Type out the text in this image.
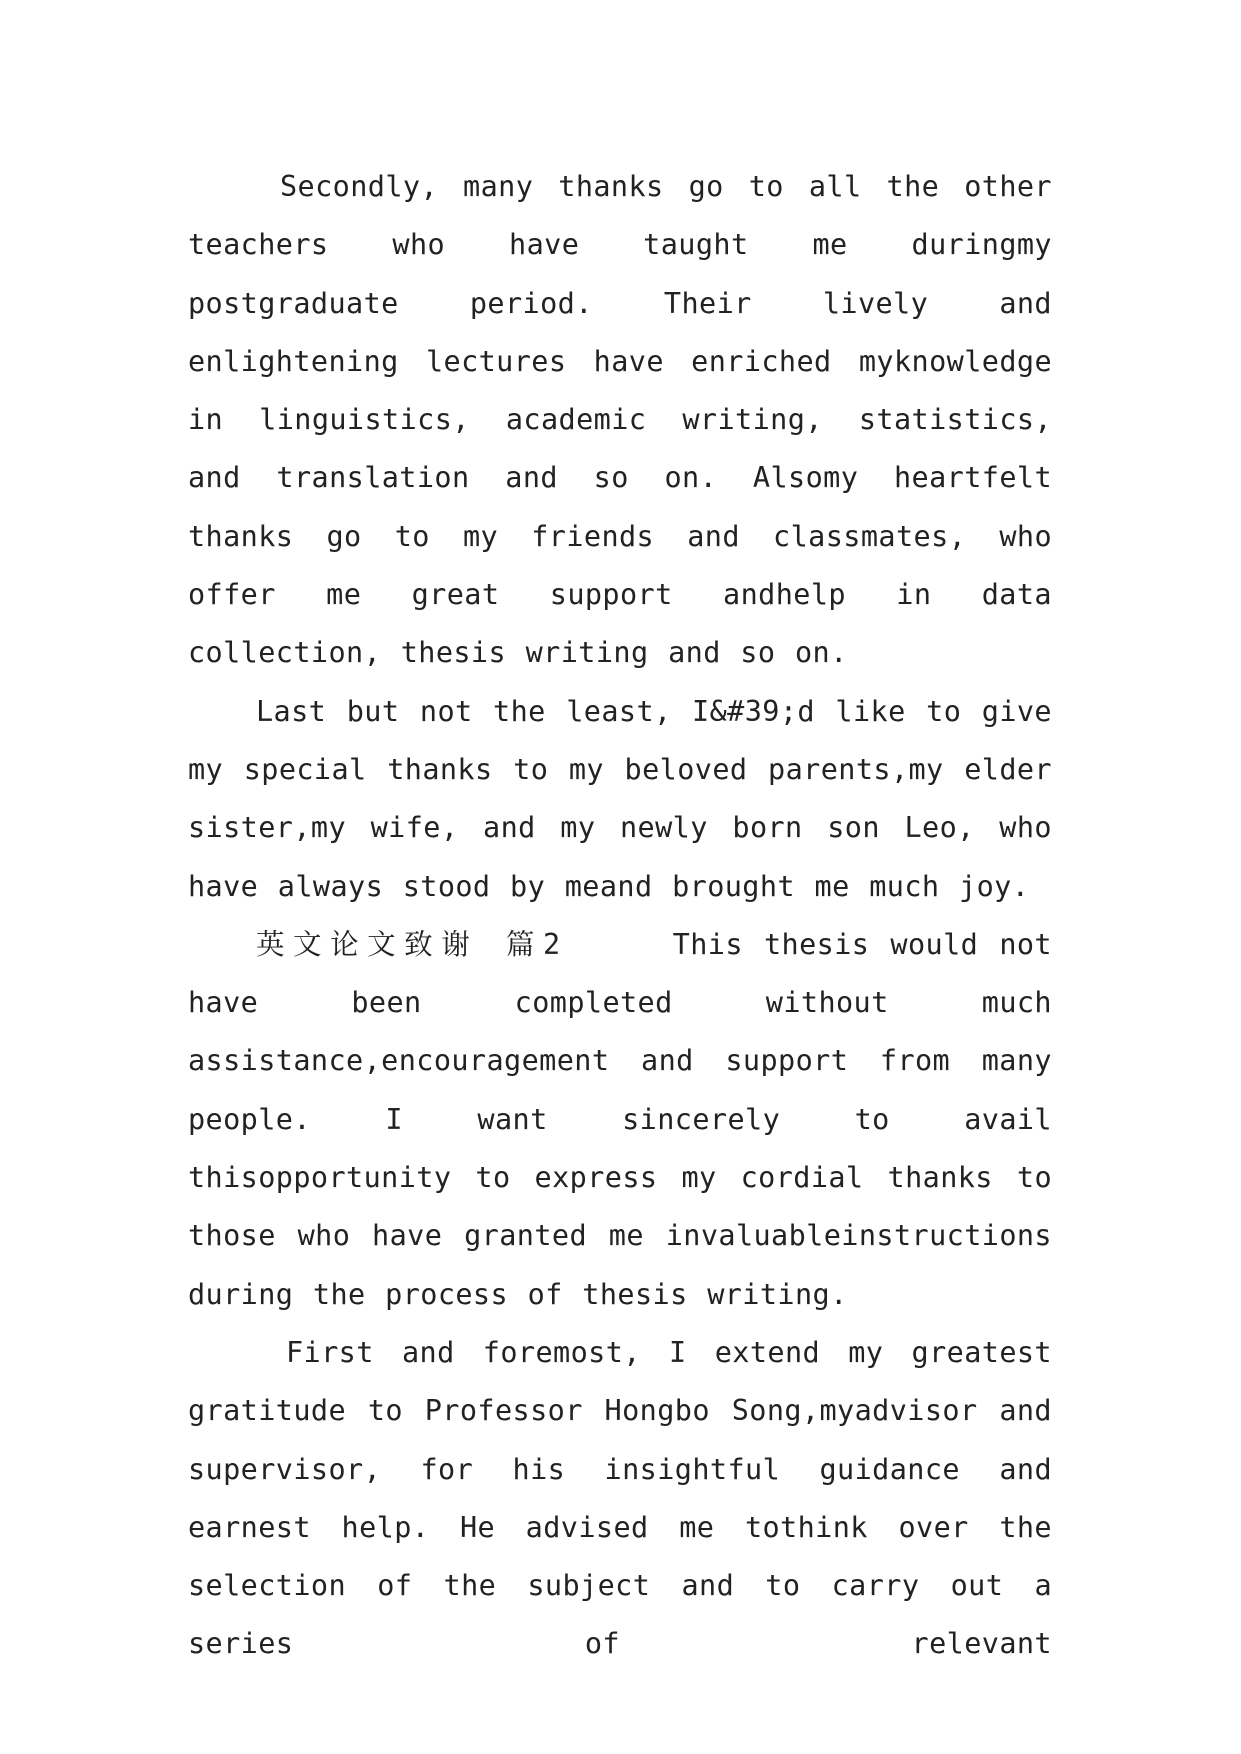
Secondly, many thanks go to all the other teachers who have taught me duringmy postgraduate period. Their lively and enlightening lectures have enriched myknowledge in linguistics, academic writing, statistics, and translation and so on. Alsomy heartfelt thanks go to my friends and classmates, who offer me great support andhelp in data collection, thesis writing and so on.

Last but not the least, I&#39;d like to give my special thanks to my beloved parents,my elder sister,my wife, and my newly born son Leo, who have always stood by meand brought me much joy.

英文论文致谢 篇2	This thesis would not have been completed without much assistance,encouragement and support from many people. I want sincerely to avail thisopportunity to express my cordial thanks to those who have granted me invaluableinstructions during the process of thesis writing.

First and foremost, I extend my greatest gratitude to Professor Hongbo Song,myadvisor and supervisor, for his insightful guidance and earnest help. He advised me tothink over the selection of the subject and to carry out a series of relevant
